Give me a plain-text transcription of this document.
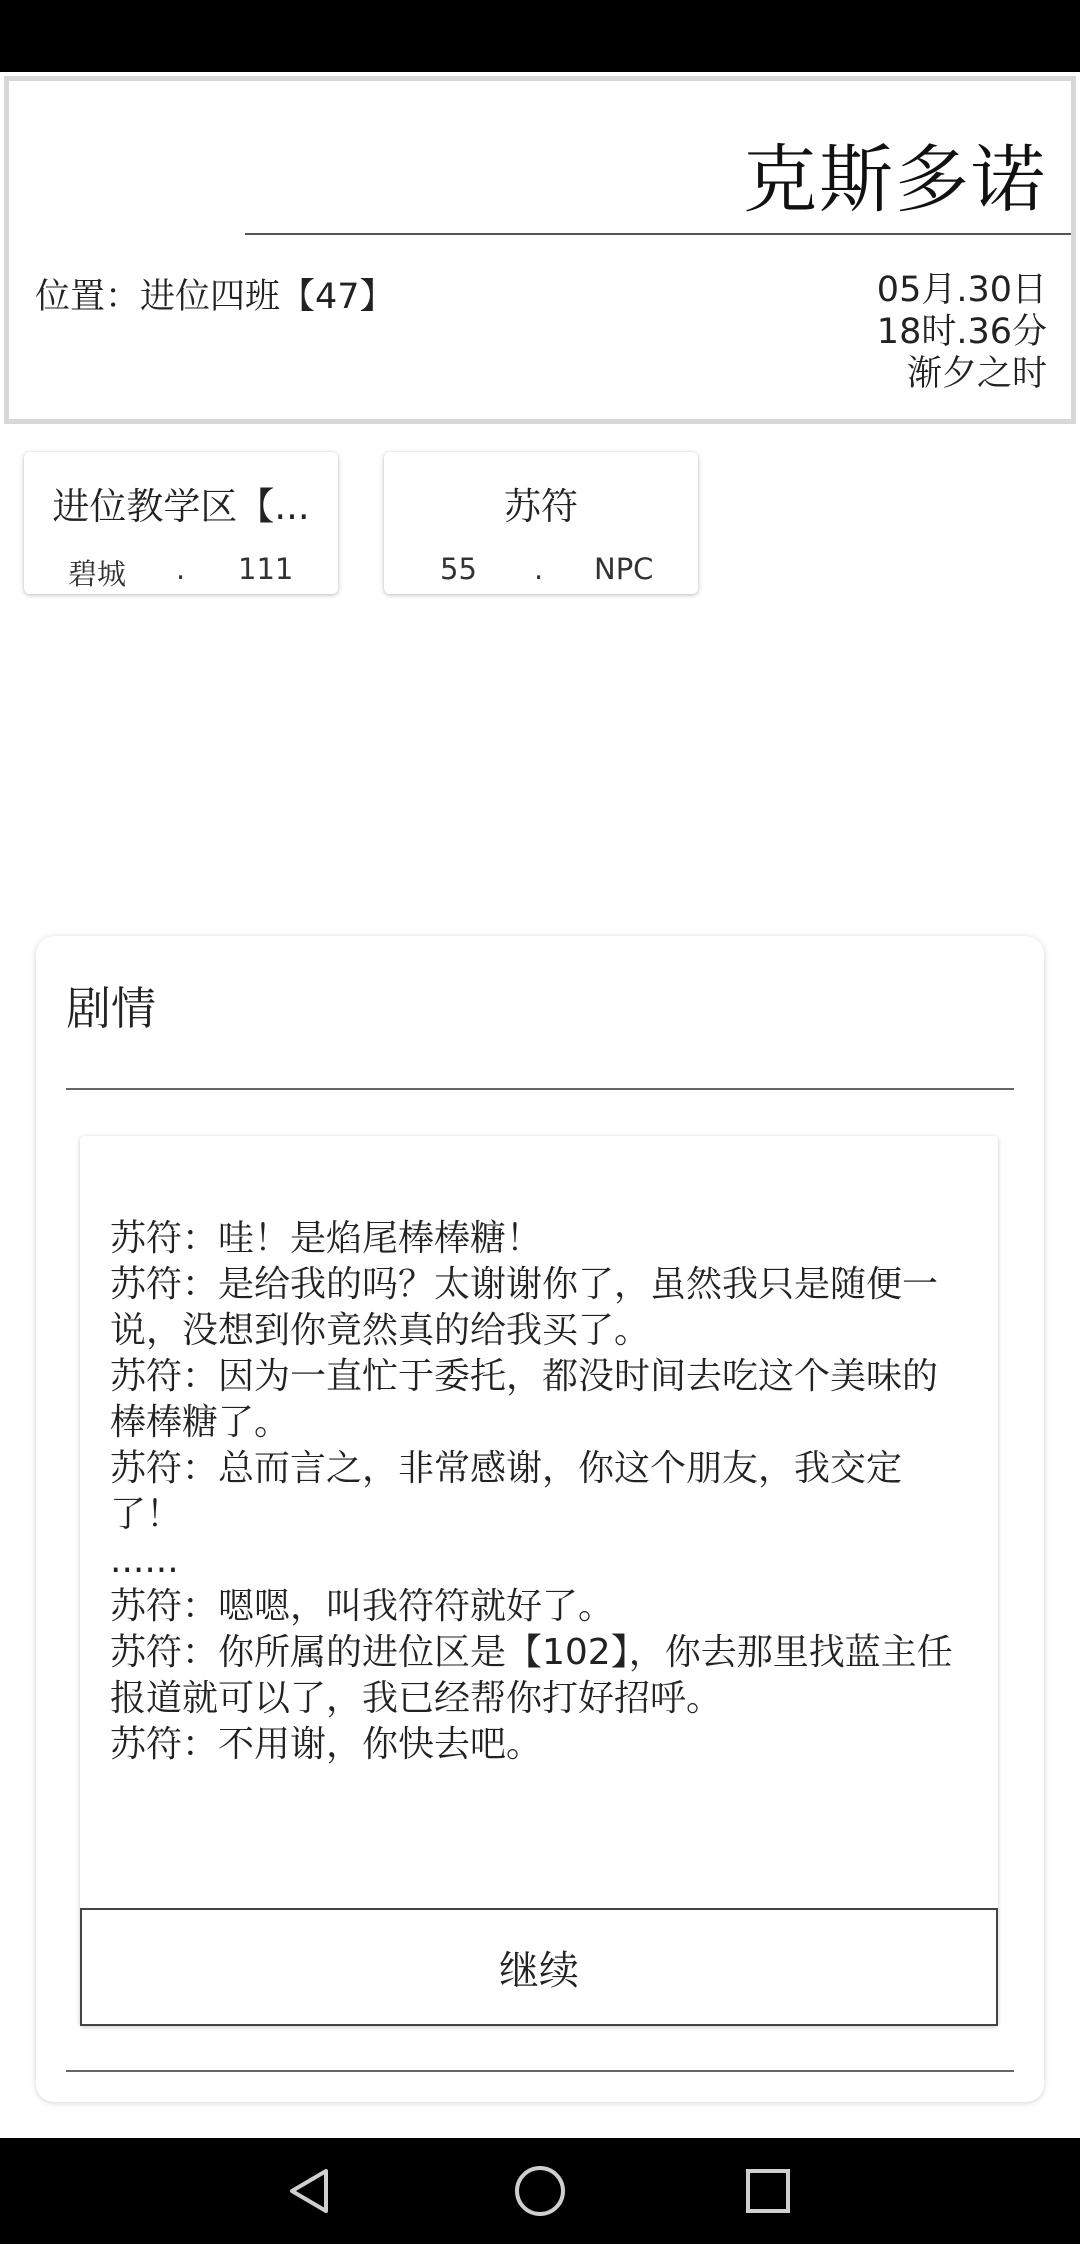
克斯多诺
位置：进位四班【47】	05月.30日
18时.36分
渐夕之时
进位教学区【...
碧城 . 111
苏符
55 . NPC
剧情
苏符：哇！是焰尾棒棒糖！
苏符：是给我的吗？太谢谢你了，虽然我只是随便一说，没想到你竟然真的给我买了。
苏符：因为一直忙于委托，都没时间去吃这个美味的棒棒糖了。
苏符：总而言之，非常感谢，你这个朋友，我交定了！
......
苏符：嗯嗯，叫我符符就好了。
苏符：你所属的进位区是【102】，你去那里找蓝主任报道就可以了，我已经帮你打好招呼。
苏符：不用谢，你快去吧。
继续
